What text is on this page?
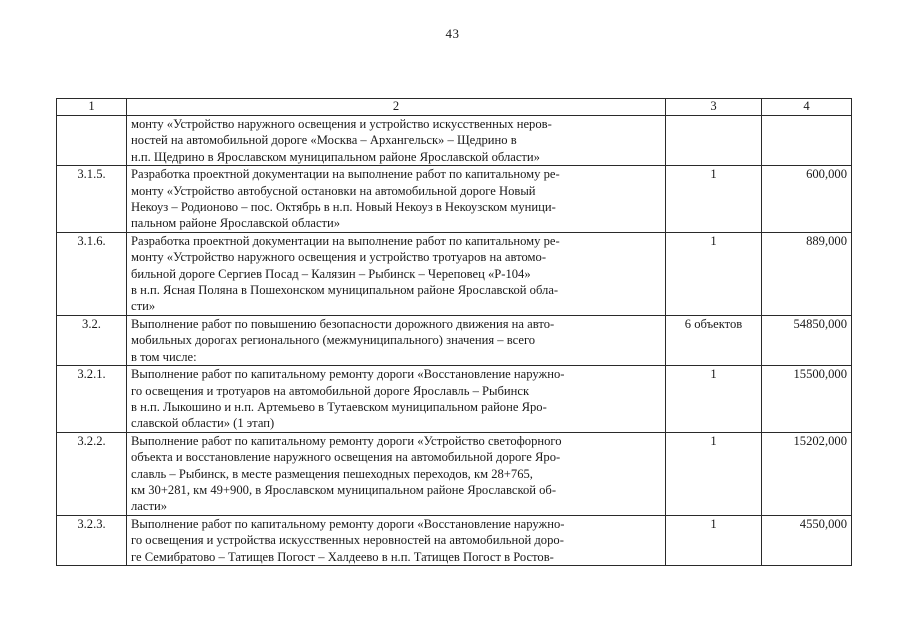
43
1	2	3	4

	монту «Устройство наружного освещения и устройство искусственных неров-
ностей на автомобильной дороге «Москва – Архангельск» – Щедрино в
н.п. Щедрино в Ярославском муниципальном районе Ярославской области»		

3.1.5.	Разработка проектной документации на выполнение работ по капитальному ре-
монту «Устройство автобусной остановки на автомобильной дороге Новый
Некоуз – Родионово – пос. Октябрь в н.п. Новый Некоуз в Некоузском муници-
пальном районе Ярославской области»	1	600,000
3.1.6.	Разработка проектной документации на выполнение работ по капитальному ре-
монту «Устройство наружного освещения и устройство тротуаров на автомо-
бильной дороге Сергиев Посад – Калязин – Рыбинск – Череповец «Р-104»
в н.п. Ясная Поляна в Пошехонском муниципальном районе Ярославской обла-
сти»	1	889,000
3.2.	Выполнение работ по повышению безопасности дорожного движения на авто-
мобильных дорогах регионального (межмуниципального) значения – всего
в том числе:	6 объектов	54850,000
3.2.1.	Выполнение работ по капитальному ремонту дороги «Восстановление наружно-
го освещения и тротуаров на автомобильной дороге Ярославль – Рыбинск
в н.п. Лыкошино и н.п. Артемьево в Тутаевском муниципальном районе Яро-
славской области» (1 этап)	1	15500,000
3.2.2.	Выполнение работ по капитальному ремонту дороги «Устройство светофорного
объекта и восстановление наружного освещения на автомобильной дороге Яро-
славль – Рыбинск, в месте размещения пешеходных переходов, км 28+765,
км 30+281, км 49+900, в Ярославском муниципальном районе Ярославской об-
ласти»	1	15202,000
3.2.3.	Выполнение работ по капитальному ремонту дороги «Восстановление наружно-
го освещения и устройства искусственных неровностей на автомобильной доро-
ге Семибратово – Татищев Погост – Халдеево в н.п. Татищев Погост в Ростов-	1	4550,000
